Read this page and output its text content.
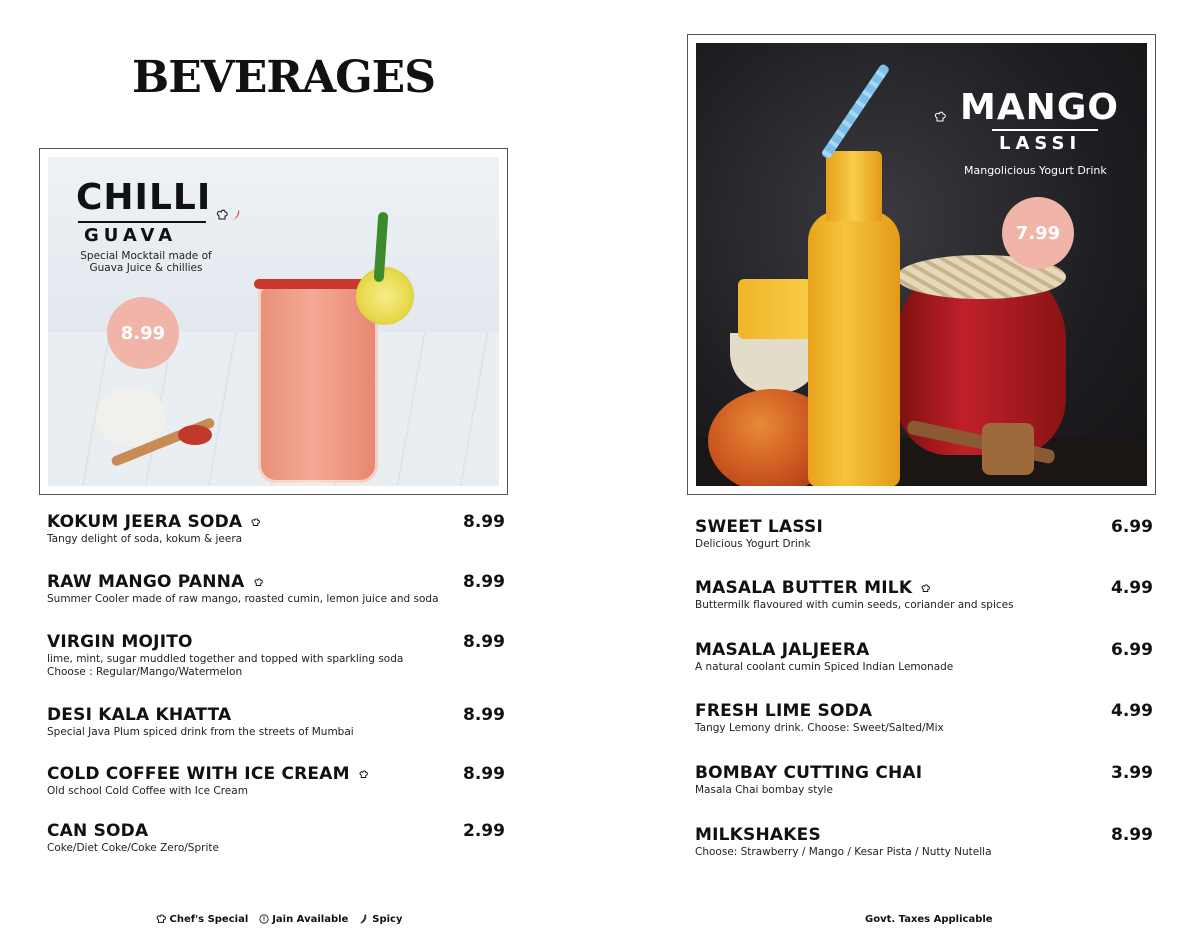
BEVERAGES
CHILLI
GUAVA
Special Mocktail made of Guava Juice & chillies
8.99
MANGO
LASSI
Mangolicious Yogurt Drink
7.99
KOKUM JEERA SODA
Tangy delight of soda, kokum & jeera
8.99
RAW MANGO PANNA
Summer Cooler made of raw mango, roasted cumin, lemon juice and soda
8.99
VIRGIN MOJITO
lime, mint, sugar muddled together and topped with sparkling soda
Choose : Regular/Mango/Watermelon
8.99
DESI KALA KHATTA
Special Java Plum spiced drink from the streets of Mumbai
8.99
COLD COFFEE WITH ICE CREAM
Old school Cold Coffee with Ice Cream
8.99
CAN SODA
Coke/Diet Coke/Coke Zero/Sprite
2.99
SWEET LASSI
Delicious Yogurt Drink
6.99
MASALA BUTTER MILK
Buttermilk flavoured with cumin seeds, coriander and spices
4.99
MASALA JALJEERA
A natural coolant cumin Spiced Indian Lemonade
6.99
FRESH LIME SODA
Tangy Lemony drink. Choose: Sweet/Salted/Mix
4.99
BOMBAY CUTTING CHAI
Masala Chai bombay style
3.99
MILKSHAKES
Choose: Strawberry / Mango / Kesar Pista / Nutty Nutella
8.99
Chef's Special Jain Available Spicy	Govt. Taxes Applicable
